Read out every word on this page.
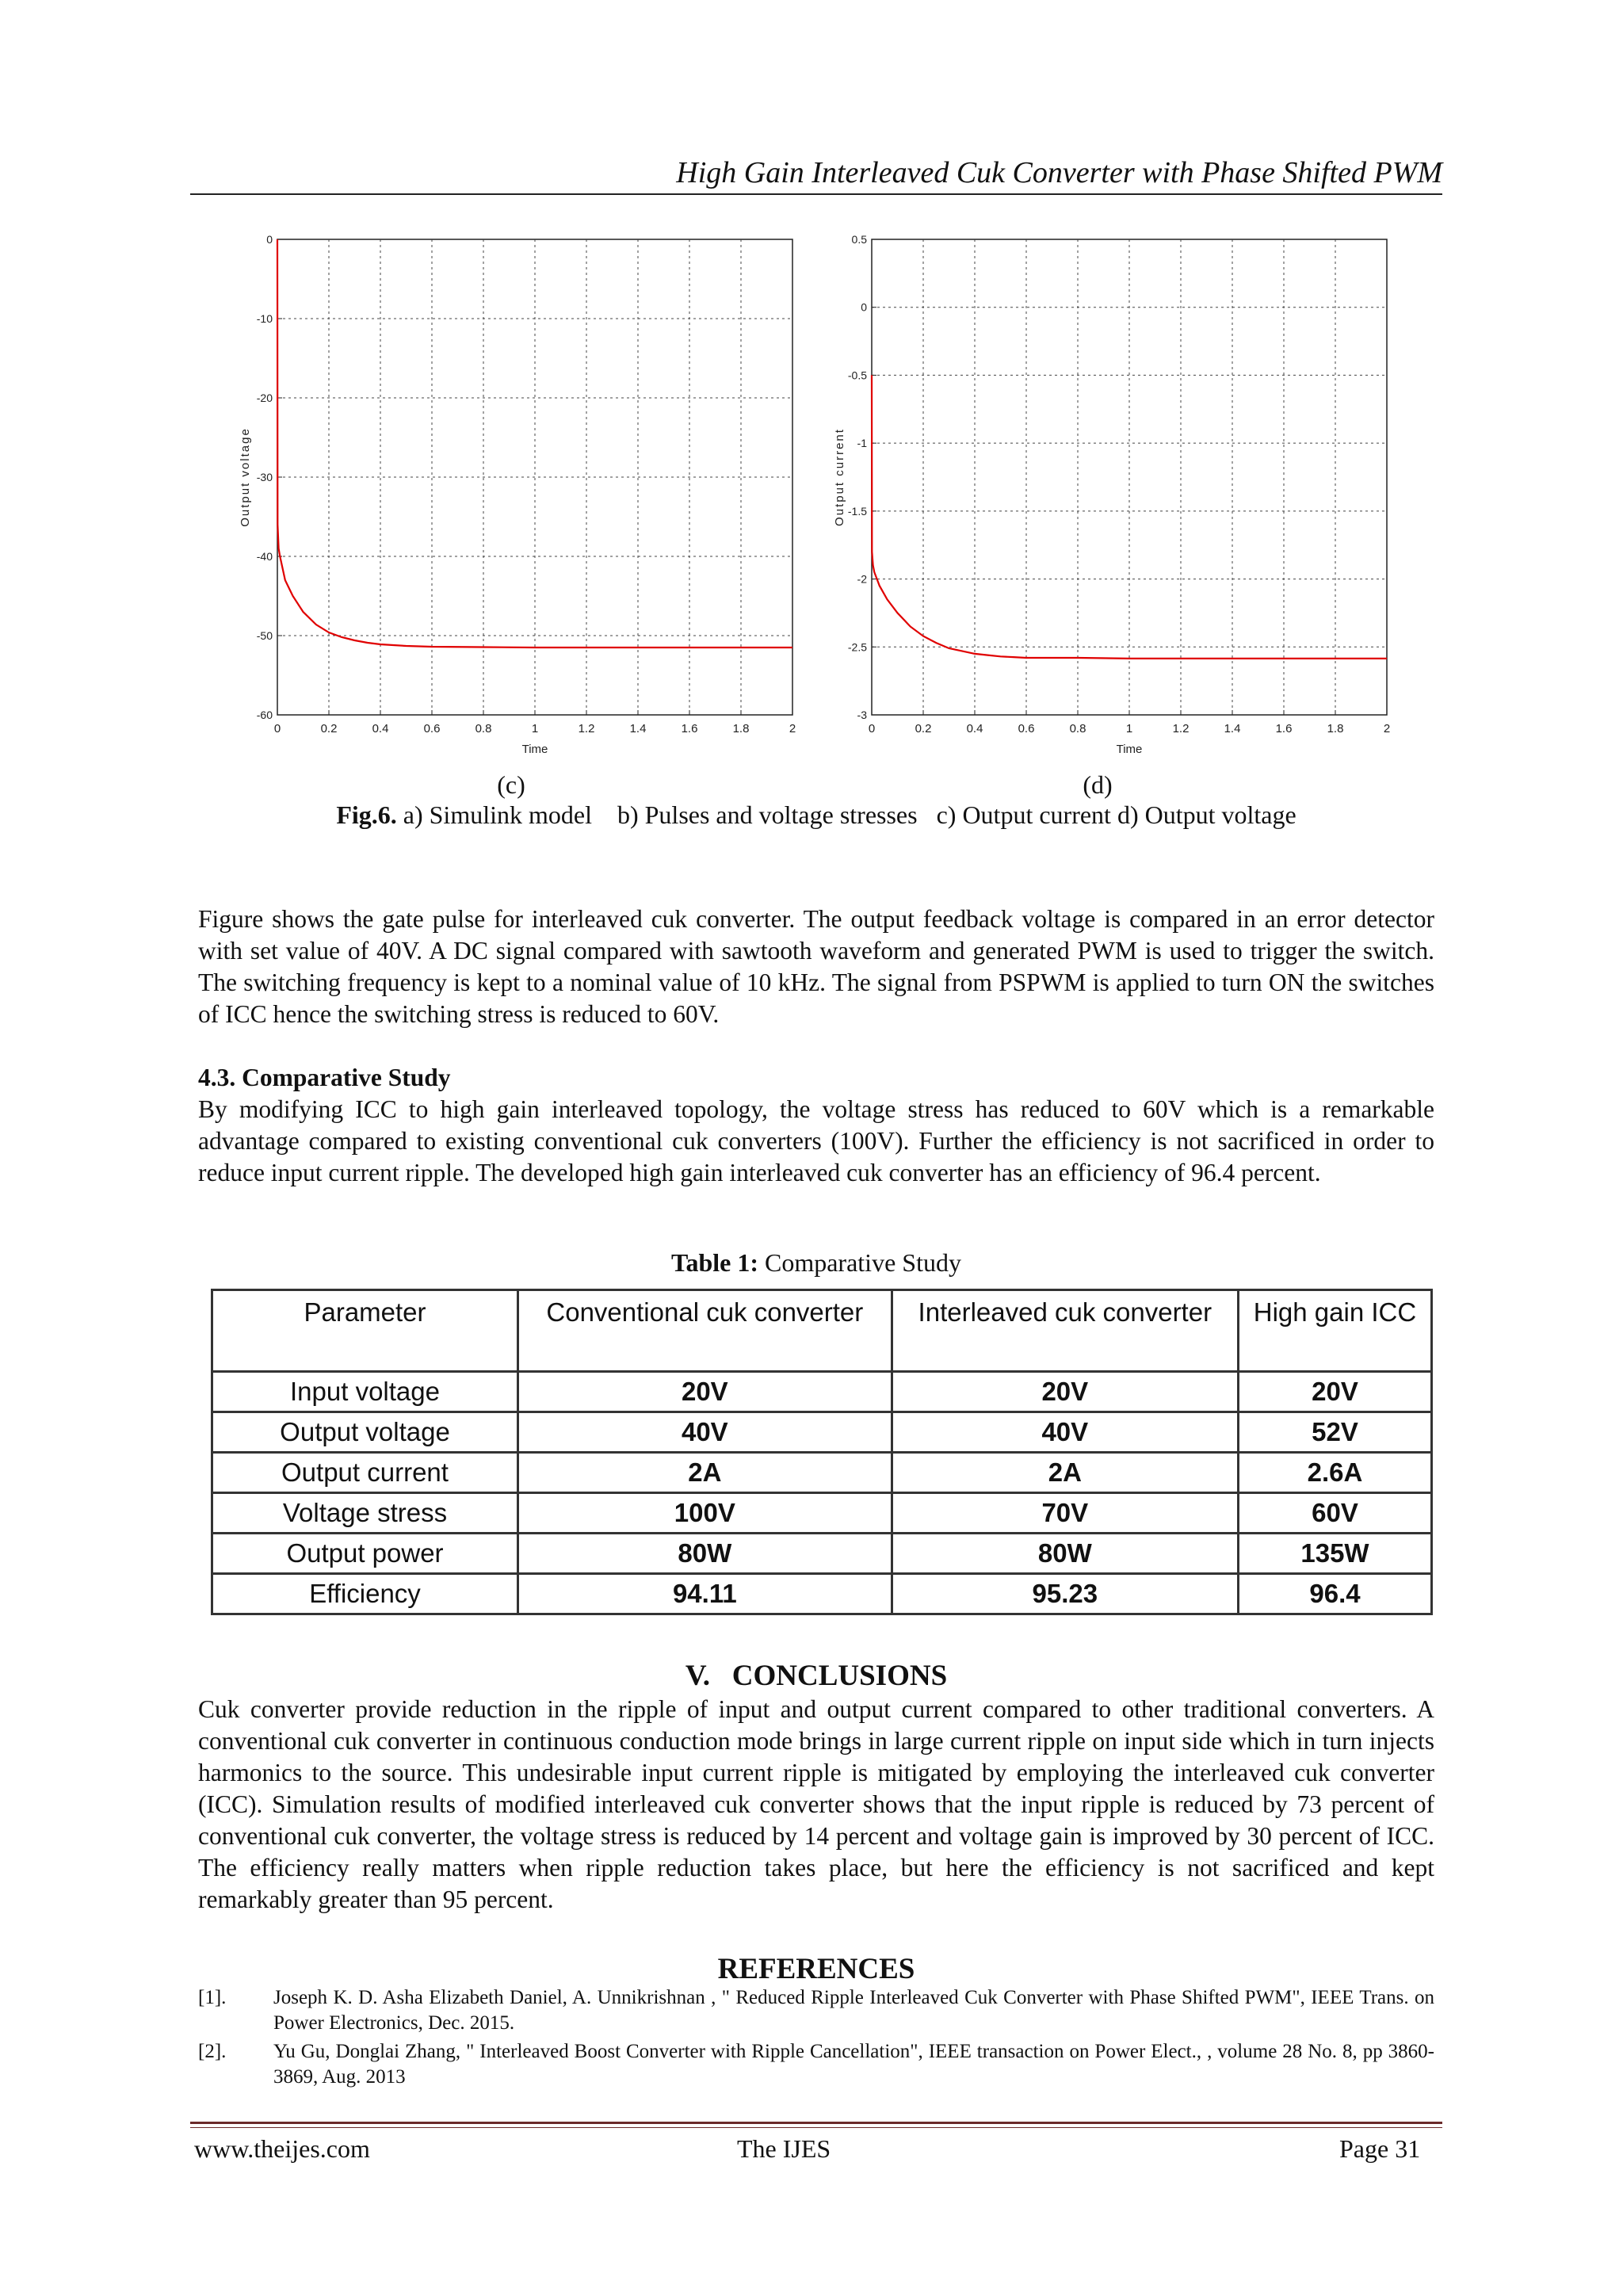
High Gain Interleaved Cuk Converter with Phase Shifted PWM
0	0.2	0.4	0.6	0.8	1	1.2	1.4	1.6	1.8	2
0
-10
-20
-30
-40
-50
-60
Time
Output voltage
0	0.2	0.4	0.6	0.8	1	1.2	1.4	1.6	1.8	2
0.5
0
-0.5
-1
-1.5
-2
-2.5
-3
Time
Output current
(c)	(d)
Fig.6. a) Simulink model    b) Pulses and voltage stresses   c) Output current d) Output voltage

Figure shows the gate pulse for interleaved cuk converter. The output feedback voltage is compared in an error detector with set value of 40V. A DC signal compared with sawtooth waveform and generated PWM is used to trigger the switch. The switching frequency is kept to a nominal value of 10 kHz. The signal from PSPWM is applied to turn ON the switches of ICC hence the switching stress is reduced to 60V.

4.3. Comparative Study

By modifying ICC to high gain interleaved topology, the voltage stress has reduced to 60V which is a remarkable advantage compared to existing conventional cuk converters (100V). Further the efficiency is not sacrificed in order to reduce input current ripple. The developed high gain interleaved cuk converter has an efficiency of 96.4 percent.

Table 1: Comparative Study
Parameter	Conventional cuk converter	Interleaved cuk converter	High gain ICC
Input voltage	20V	20V	20V
Output voltage	40V	40V	52V
Output current	2A	2A	2.6A
Voltage stress	100V	70V	60V
Output power	80W	80W	135W
Efficiency	94.11	95.23	96.4
V.   CONCLUSIONS

Cuk converter provide reduction in the ripple of input and output current compared to other traditional converters. A conventional cuk converter in continuous conduction mode brings in large current ripple on input side which in turn injects harmonics to the source. This undesirable input current ripple is mitigated by employing the interleaved cuk converter (ICC). Simulation results of modified interleaved cuk converter shows that the input ripple is reduced by 73 percent of conventional cuk converter, the voltage stress is reduced by 14 percent and voltage gain is improved by 30 percent of ICC. The efficiency really matters when ripple reduction takes place, but here the efficiency is not sacrificed and kept remarkably greater than 95 percent.

REFERENCES
[1]. Joseph K. D. Asha Elizabeth Daniel, A. Unnikrishnan , " Reduced Ripple Interleaved Cuk Converter with Phase Shifted PWM", IEEE Trans. on Power Electronics, Dec. 2015.
[2]. Yu Gu, Donglai Zhang, " Interleaved Boost Converter with Ripple Cancellation", IEEE transaction on Power Elect., , volume 28 No. 8, pp 3860-3869, Aug. 2013
www.theijes.com	The IJES	Page 31
